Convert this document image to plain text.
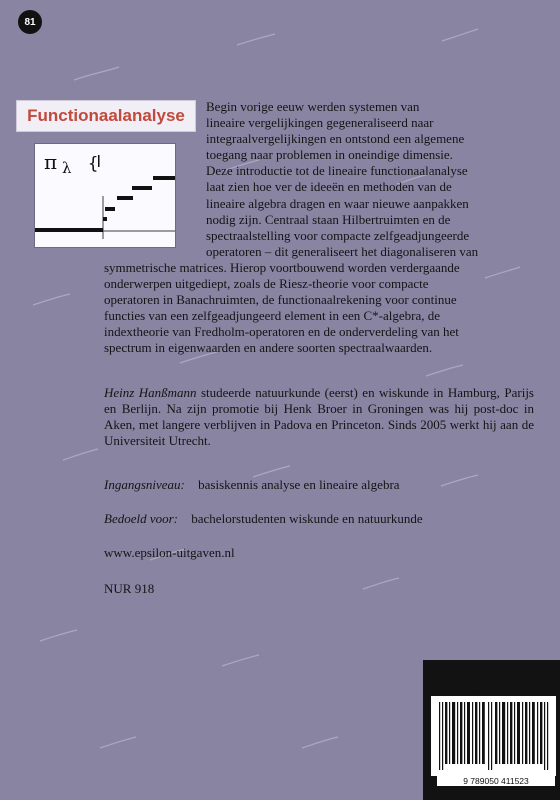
81
Functionaalanalyse
π λ {
Begin vorige eeuw werden systemen van
lineaire vergelijkingen gegeneraliseerd naar
integraalvergelijkingen en ontstond een algemene
toegang naar problemen in oneindige dimensie.
Deze introductie tot de lineaire functionaalanalyse
laat zien hoe ver de ideeën en methoden van de
lineaire algebra dragen en waar nieuwe aanpakken
nodig zijn. Centraal staan Hilbertruimten en de
spectraalstelling voor compacte zelfgeadjungeerde
operatoren – dit generaliseert het diagonaliseren van
symmetrische matrices. Hierop voortbouwend worden verdergaande
onderwerpen uitgediept, zoals de Riesz-theorie voor compacte
operatoren in Banachruimten, de functionaalrekening voor continue
functies van een zelfgeadjungeerd element in een C*-algebra, de
indextheorie van Fredholm-operatoren en de onderverdeling van het
spectrum in eigenwaarden en andere soorten spectraalwaarden.
Heinz Hanßmann studeerde natuurkunde (eerst) en wiskunde in Hamburg, Parijs en Berlijn. Na zijn promotie bij Henk Broer in Groningen was hij post-doc in Aken, met langere verblijven in Padova en Princeton. Sinds 2005 werkt hij aan de Universiteit Utrecht.
Ingangsniveau: basiskennis analyse en lineaire algebra
Bedoeld voor: bachelorstudenten wiskunde en natuurkunde
www.epsilon-uitgaven.nl
NUR 918
ISBN 978-90-5041-152-3
9 789050 411523
